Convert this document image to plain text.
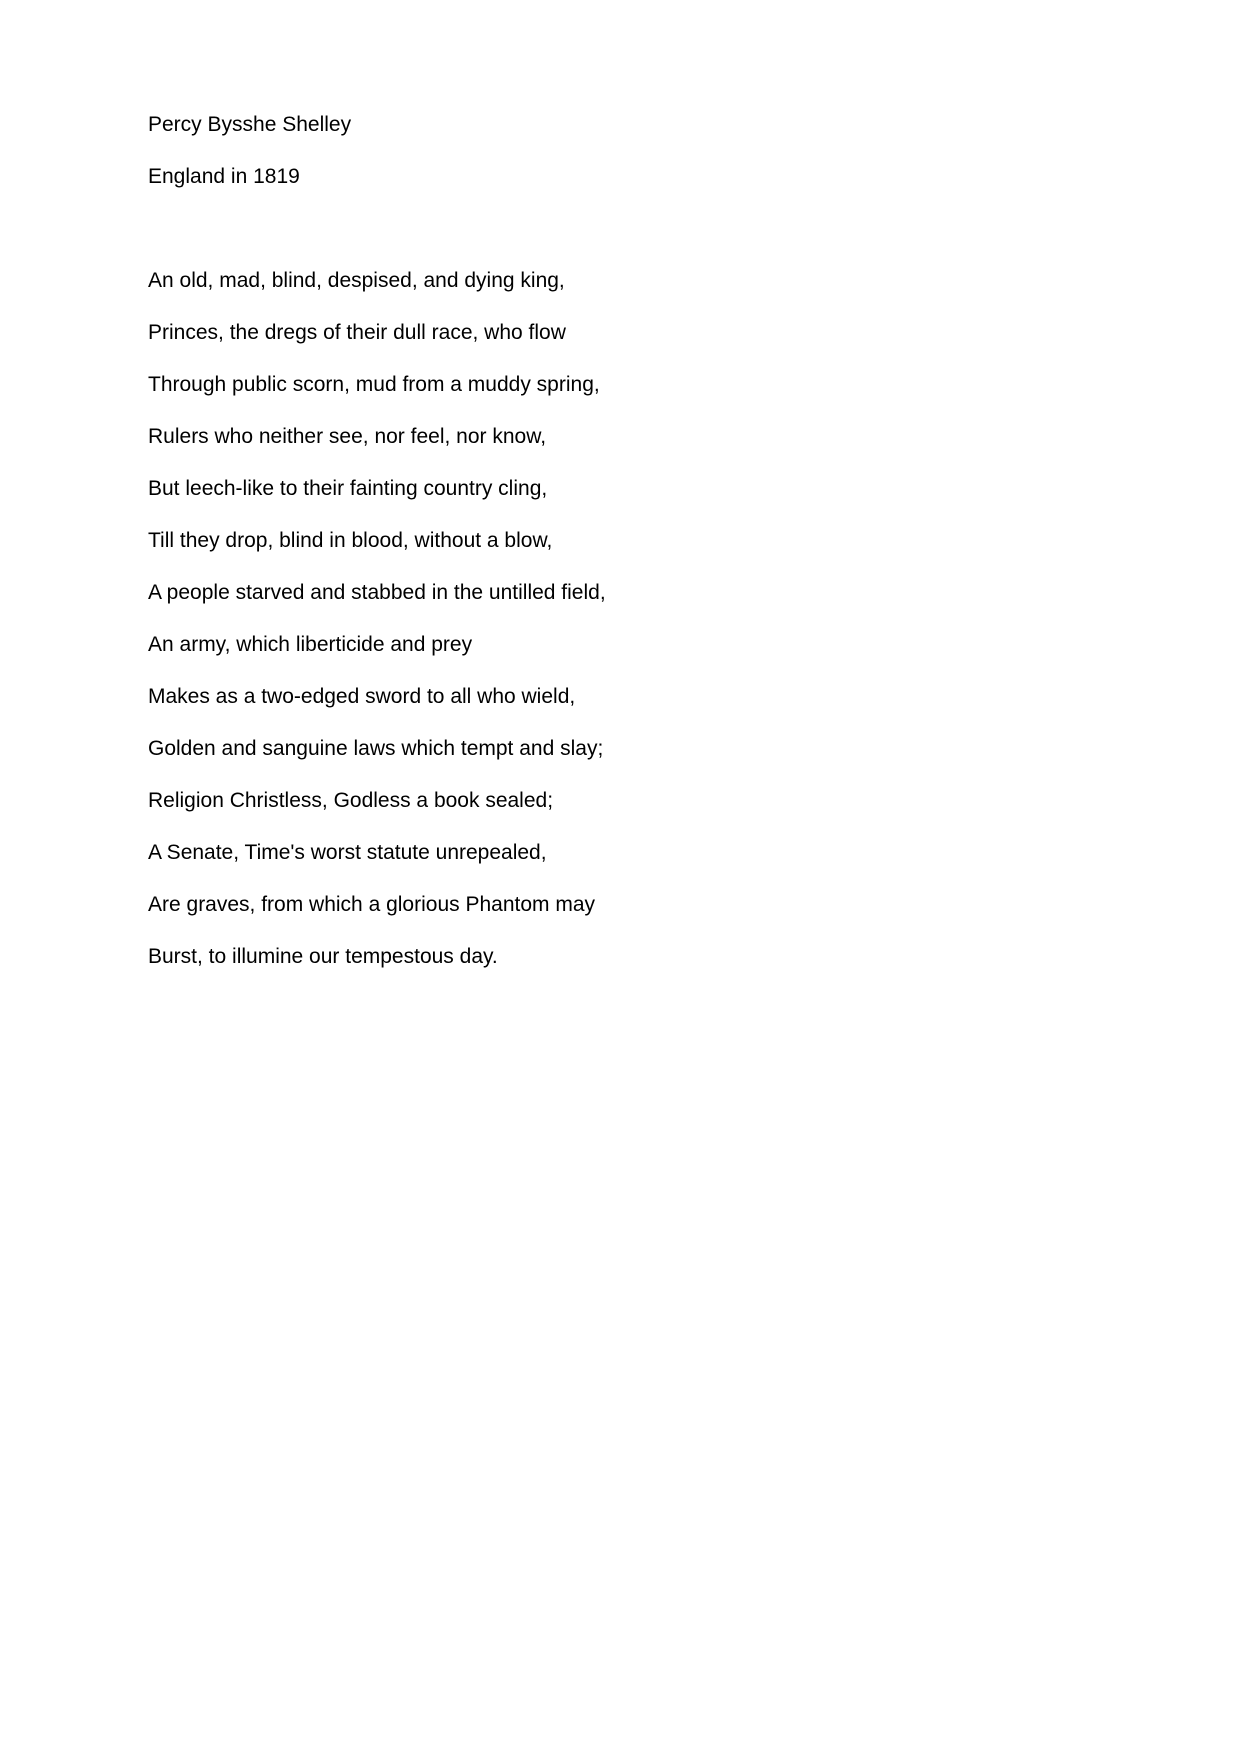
Percy Bysshe Shelley
England in 1819
An old, mad, blind, despised, and dying king,
Princes, the dregs of their dull race, who flow
Through public scorn, mud from a muddy spring,
Rulers who neither see, nor feel, nor know,
But leech-like to their fainting country cling,
Till they drop, blind in blood, without a blow,
A people starved and stabbed in the untilled field,
An army, which liberticide and prey
Makes as a two-edged sword to all who wield,
Golden and sanguine laws which tempt and slay;
Religion Christless, Godless a book sealed;
A Senate, Time's worst statute unrepealed,
Are graves, from which a glorious Phantom may
Burst, to illumine our tempestous day.
